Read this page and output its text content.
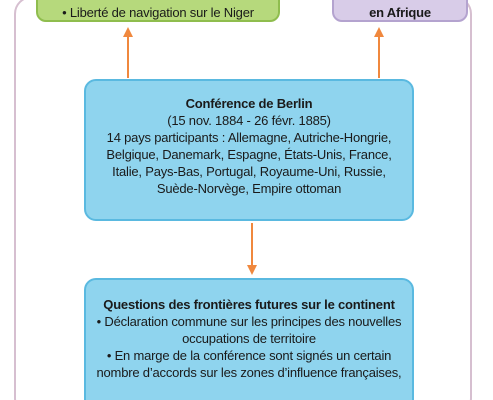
• Liberté de navigation sur le Niger	en Afrique
Conférence de Berlin
(15 nov. 1884 - 26 févr. 1885)
14 pays participants : Allemagne, Autriche-Hongrie,
Belgique, Danemark, Espagne, États-Unis, France,
Italie, Pays-Bas, Portugal, Royaume-Uni, Russie,
Suède-Norvège, Empire ottoman
Questions des frontières futures sur le continent
• Déclaration commune sur les principes des nouvelles
occupations de territoire
• En marge de la conférence sont signés un certain
nombre d’accords sur les zones d’influence françaises,
